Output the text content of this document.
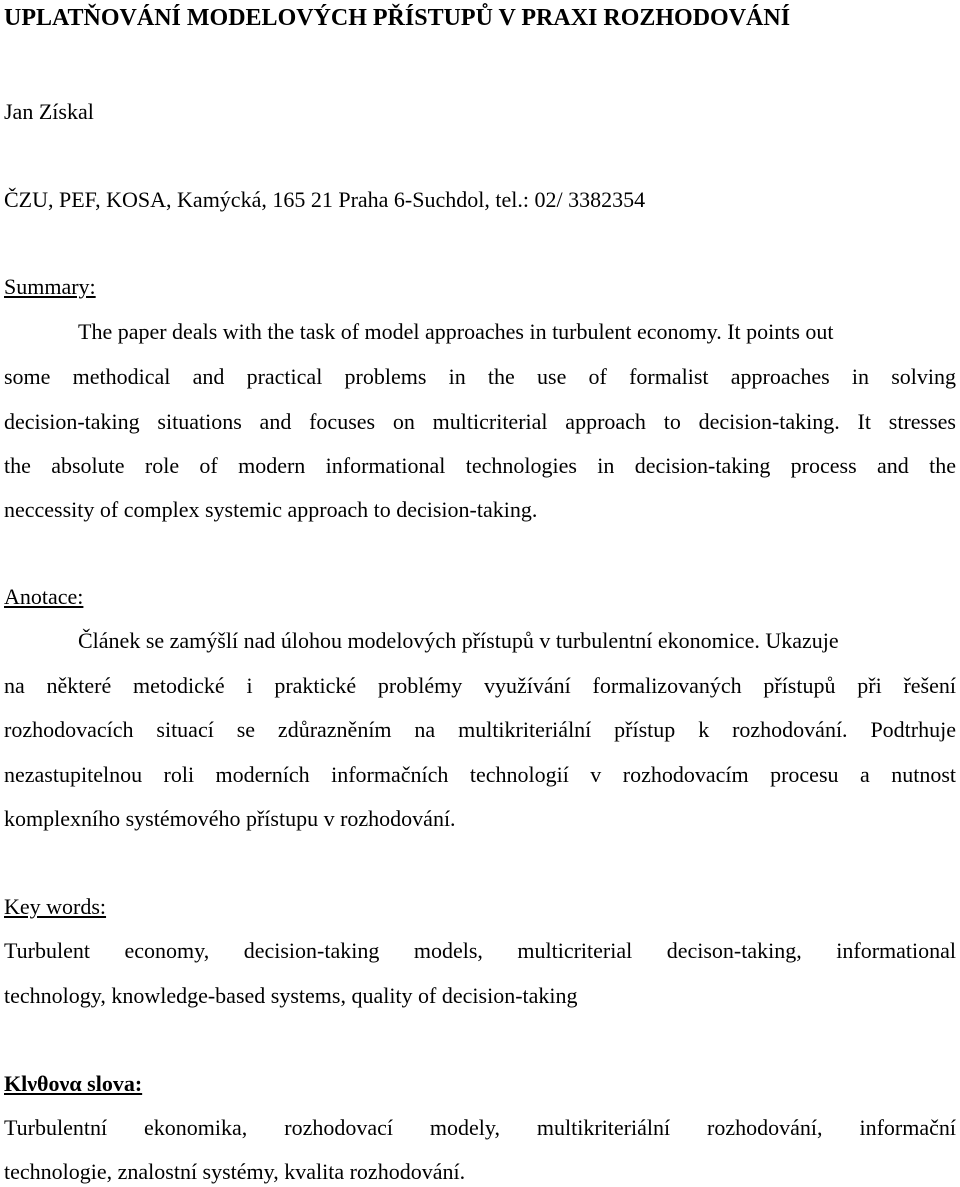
UPLATŇOVÁNÍ MODELOVÝCH PŘÍSTUPŮ V PRAXI ROZHODOVÁNÍ

Jan Získal

ČZU, PEF, KOSA, Kamýcká, 165 21 Praha 6-Suchdol, tel.: 02/ 3382354

Summary:

The paper deals with the task of model approaches in turbulent economy. It points out

some methodical and practical problems in the use of formalist approaches in solving

decision-taking situations and focuses on multicriterial approach to decision-taking. It stresses

the absolute role of modern informational technologies in decision-taking process and the

neccessity of complex systemic approach to decision-taking.

Anotace:

Článek se zamýšlí nad úlohou modelových přístupů v turbulentní ekonomice. Ukazuje

na některé metodické i praktické problémy využívání formalizovaných přístupů při řešení

rozhodovacích situací se zdůrazněním na multikriteriální přístup k rozhodování. Podtrhuje

nezastupitelnou roli moderních informačních technologií v rozhodovacím procesu a nutnost

komplexního systémového přístupu v rozhodování.

Key words:

Turbulent economy, decision-taking models, multicriterial decison-taking, informational

technology, knowledge-based systems, quality of decision-taking

Klνθονα slova:

Turbulentní ekonomika, rozhodovací modely, multikriteriální rozhodování, informační

technologie, znalostní systémy, kvalita rozhodování.
